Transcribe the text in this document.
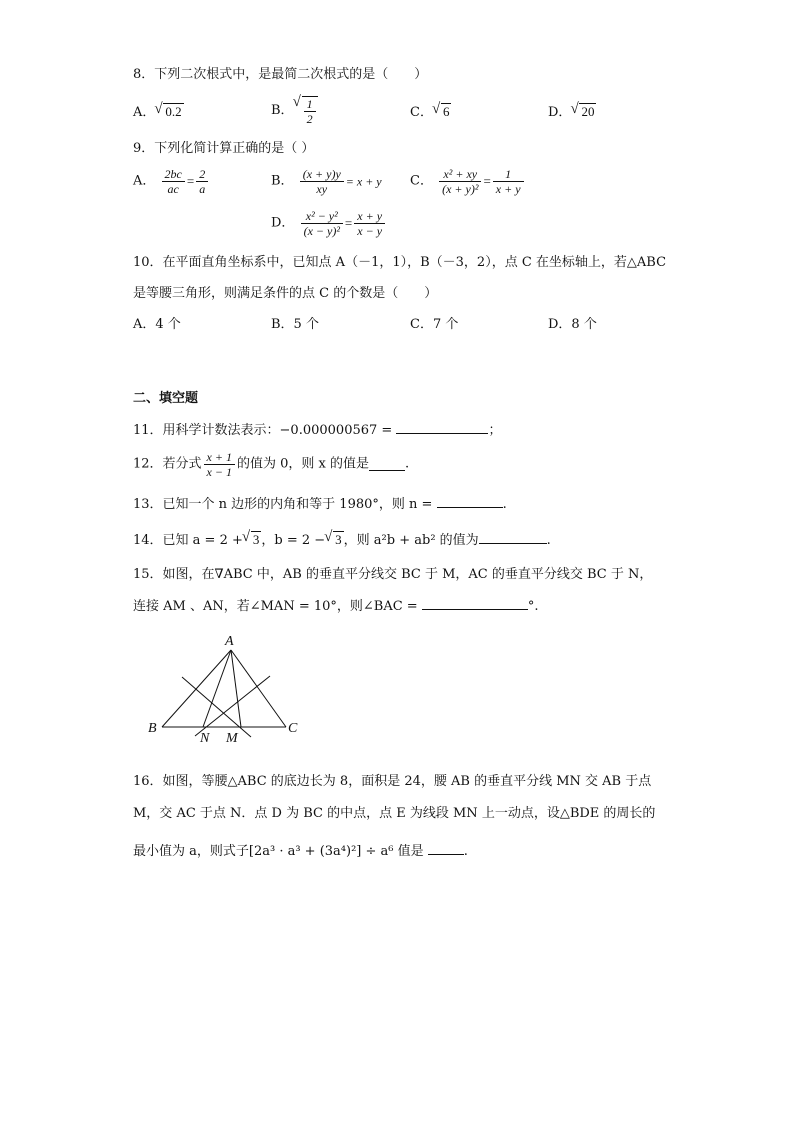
8．下列二次根式中，是最简二次根式的是（　　）
A． √ 0.2	B． √ $\frac{1}{2}$	C． √ 6	D． √ 20
9．下列化简计算正确的是（ ）
A． $\frac{2bc}{ac} = \frac{2}{a}$	B． $\frac{(x + y)y}{xy} = x + y$ C． $\frac{\text{x² + xy}}{\text{(x + y)²}} = \frac{1}{x + y}$
D． $\frac{\text{x² − y²}}{\text{(x − y)²}} = \frac{x + y}{x - y}$
10．在平面直角坐标系中，已知点 A（－1，1），B（－3，2），点 C 在坐标轴上，若△ABC
是等腰三角形，则满足条件的点 C 的个数是（　　）
A．4 个	B．5 个	C．7 个	D．8 个
二、填空题
11．用科学计数法表示：−0.000000567 =	；
12．若分式 $\frac{x + 1}{x - 1}$ 的值为 0，则 x 的值是	.
13．已知一个 n 边形的内角和等于 1980°，则 n =	.
14．已知 a = 2 + √ 3 ，b = 2 − √ 3 ，则 a²b + ab² 的值为	.
15．如图，在∇ABC 中，AB 的垂直平分线交 BC 于 M，AC 的垂直平分线交 BC 于 N，
连接 AM 、AN，若∠MAN = 10°，则∠BAC =	°.
A
B	C
N M
16．如图，等腰△ABC 的底边长为 8，面积是 24，腰 AB 的垂直平分线 MN 交 AB 于点
M，交 AC 于点 N．点 D 为 BC 的中点，点 E 为线段 MN 上一动点，设△BDE 的周长的
最小值为 a，则式子[2a³ · a³ + (3a⁴)²] ÷ a⁶ 值是	.
